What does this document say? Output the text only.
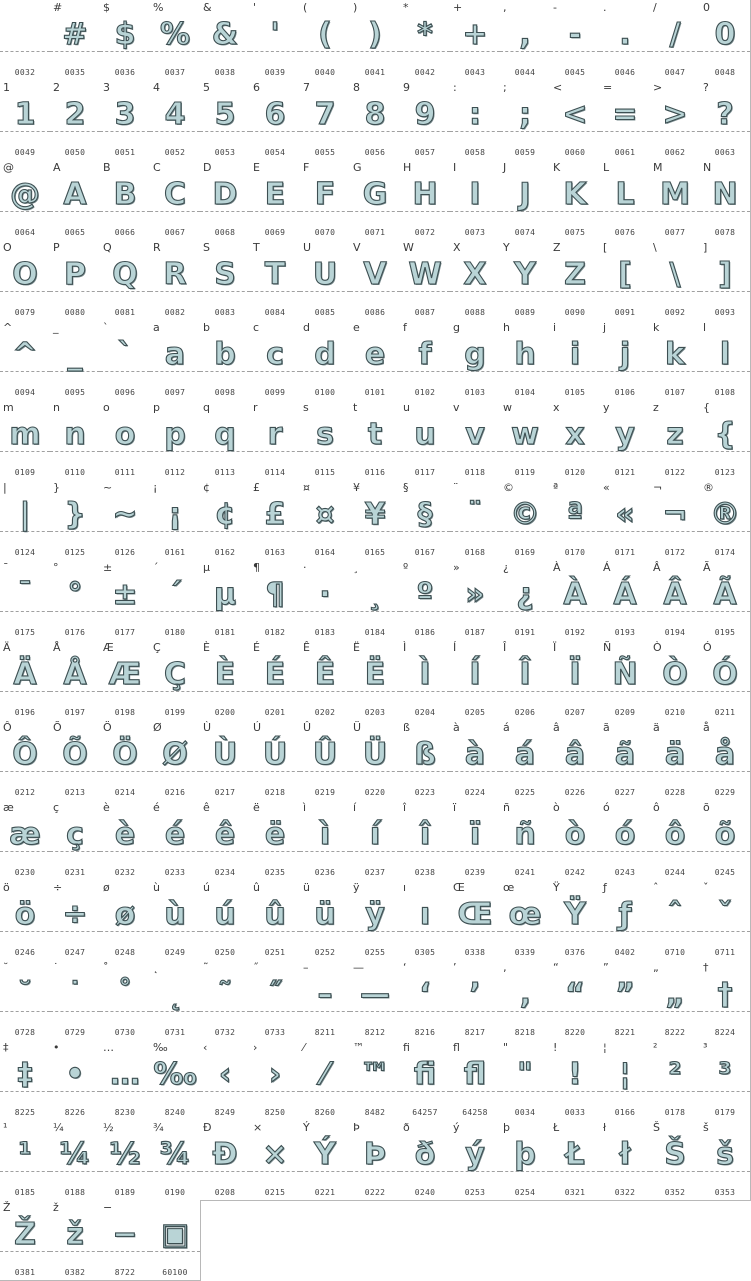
0032
#
#
0035
$
$
0036
%
%
0037
&
&
0038
'
'
0039
(
(
0040
)
)
0041
*
*
0042
+
+
0043
,
,
0044
-
-
0045
.
.
0046
/
/
0047
0
0
0048
1
1
0049
2
2
0050
3
3
0051
4
4
0052
5
5
0053
6
6
0054
7
7
0055
8
8
0056
9
9
0057
:
:
0058
;
;
0059
<
<
0060
=
=
0061
>
>
0062
?
?
0063
@
@
0064
A
A
0065
B
B
0066
C
C
0067
D
D
0068
E
E
0069
F
F
0070
G
G
0071
H
H
0072
I
I
0073
J
J
0074
K
K
0075
L
L
0076
M
M
0077
N
N
0078
O
O
0079
P
P
0080
Q
Q
0081
R
R
0082
S
S
0083
T
T
0084
U
U
0085
V
V
0086
W
W
0087
X
X
0088
Y
Y
0089
Z
Z
0090
[
[
0091
\
\
0092
]
]
0093
^
^
0094
_
_
0095
`
`
0096
a
a
0097
b
b
0098
c
c
0099
d
d
0100
e
e
0101
f
f
0102
g
g
0103
h
h
0104
i
i
0105
j
j
0106
k
k
0107
l
l
0108
m
m
0109
n
n
0110
o
o
0111
p
p
0112
q
q
0113
r
r
0114
s
s
0115
t
t
0116
u
u
0117
v
v
0118
w
w
0119
x
x
0120
y
y
0121
z
z
0122
{
{
0123
|
|
0124
}
}
0125
~
~
0126
¡
¡
0161
¢
¢
0162
£
£
0163
¤
¤
0164
¥
¥
0165
§
§
0167
¨
¨
0168
©
©
0169
ª
ª
0170
«
«
0171
¬
¬
0172
®
®
0174
¯
¯
0175
°
°
0176
±
±
0177
´
´
0180
µ
µ
0181
¶
¶
0182
·
·
0183
¸
¸
0184
º
º
0186
»
»
0187
¿
¿
0191
À
À
0192
Á
Á
0193
Â
Â
0194
Ã
Ã
0195
Ä
Ä
0196
Å
Å
0197
Æ
Æ
0198
Ç
Ç
0199
È
È
0200
É
É
0201
Ê
Ê
0202
Ë
Ë
0203
Ì
Ì
0204
Í
Í
0205
Î
Î
0206
Ï
Ï
0207
Ñ
Ñ
0209
Ò
Ò
0210
Ó
Ó
0211
Ô
Ô
0212
Õ
Õ
0213
Ö
Ö
0214
Ø
Ø
0216
Ù
Ù
0217
Ú
Ú
0218
Û
Û
0219
Ü
Ü
0220
ß
ß
0223
à
à
0224
á
á
0225
â
â
0226
ã
ã
0227
ä
ä
0228
å
å
0229
æ
æ
0230
ç
ç
0231
è
è
0232
é
é
0233
ê
ê
0234
ë
ë
0235
ì
ì
0236
í
í
0237
î
î
0238
ï
ï
0239
ñ
ñ
0241
ò
ò
0242
ó
ó
0243
ô
ô
0244
õ
õ
0245
ö
ö
0246
÷
÷
0247
ø
ø
0248
ù
ù
0249
ú
ú
0250
û
û
0251
ü
ü
0252
ÿ
ÿ
0255
ı
ı
0305
Œ
Œ
0338
œ
œ
0339
Ÿ
Ÿ
0376
ƒ
ƒ
0402
ˆ
ˆ
0710
ˇ
ˇ
0711
˘
˘
0728
˙
˙
0729
˚
˚
0730
˛
˛
0731
˜
˜
0732
˝
˝
0733
–
–
8211
—
—
8212
‘
‘
8216
’
’
8217
‚
‚
8218
“
“
8220
”
”
8221
„
„
8222
†
†
8224
‡
‡
8225
•
•
8226
…
…
8230
‰
‰
8240
‹
‹
8249
›
›
8250
⁄
⁄
8260
™
™
8482
ﬁ
ﬁ
64257
ﬂ
ﬂ
64258
"
"
0034
!
!
0033
¦
¦
0166
²
²
0178
³
³
0179
¹
¹
0185
¼
¼
0188
½
½
0189
¾
¾
0190
Ð
Ð
0208
×
×
0215
Ý
Ý
0221
Þ
Þ
0222
ð
ð
0240
ý
ý
0253
þ
þ
0254
Ł
Ł
0321
ł
ł
0322
Š
Š
0352
š
š
0353
Ž
Ž
0381
ž
ž
0382
−
−
8722
▣
60100
